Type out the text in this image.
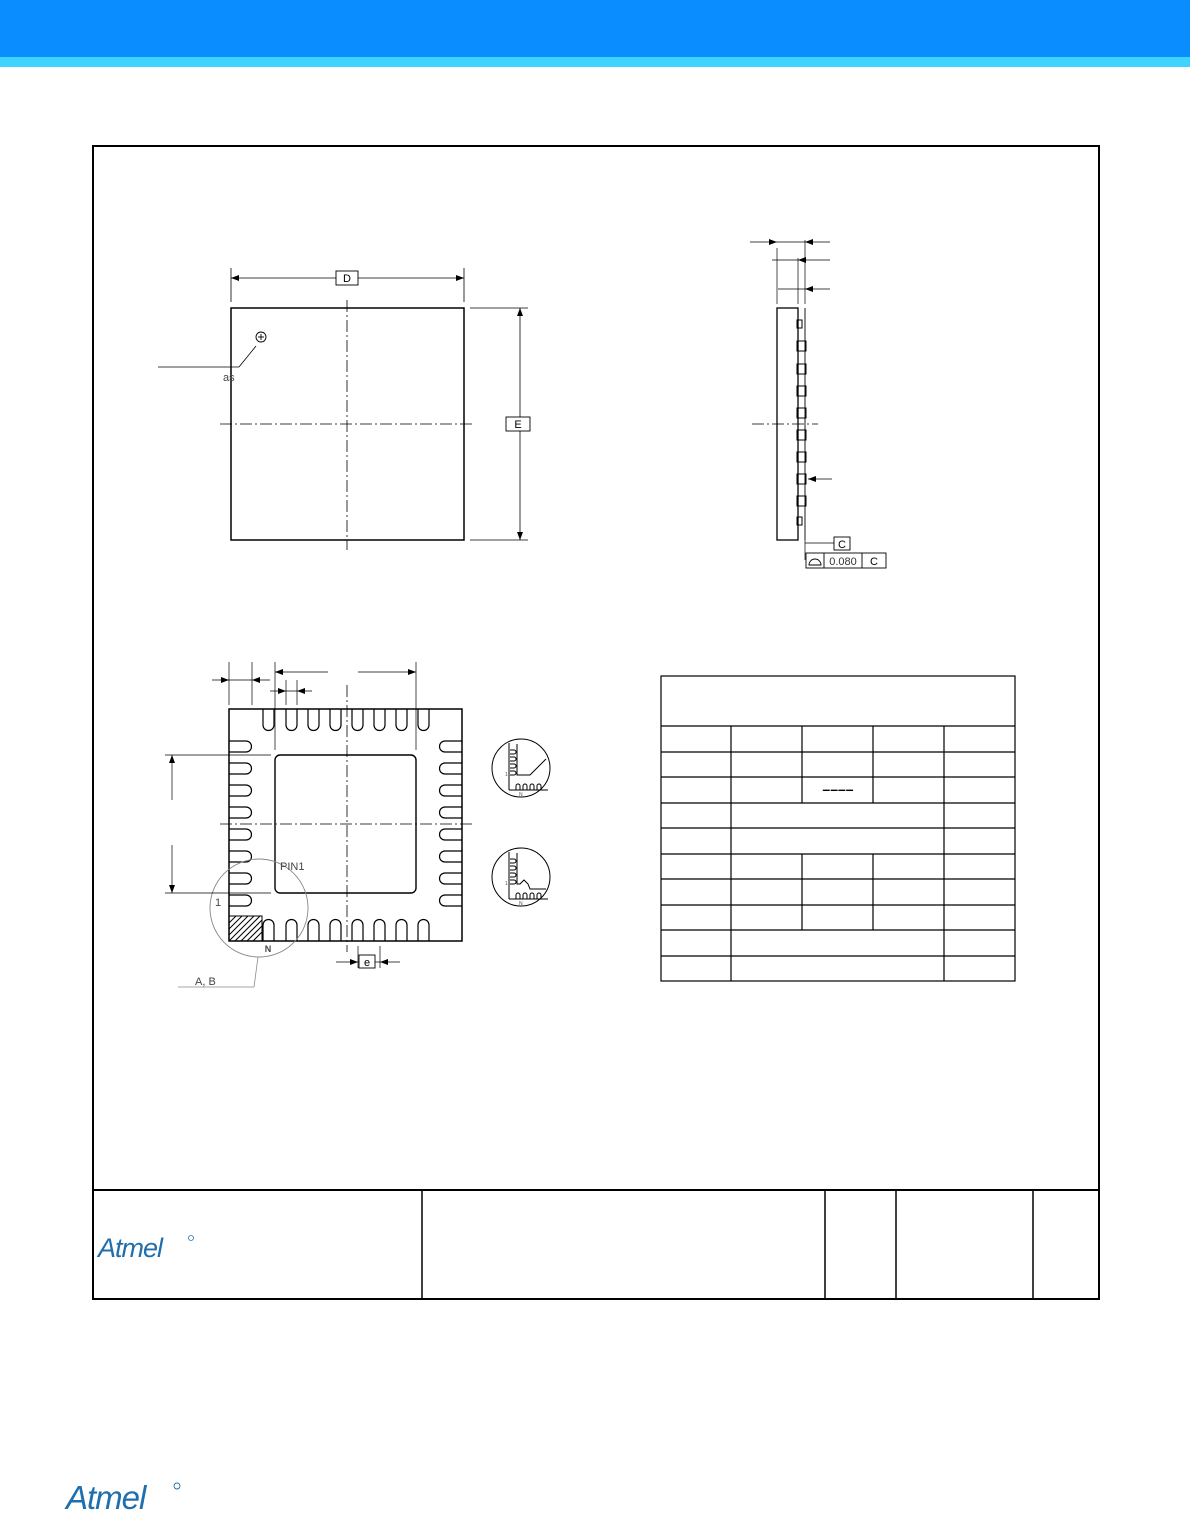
D
E
as
C
0.080 C
PIN1
1
N
A, B
e
1
N
1
N
––––
Atmel
Atmel
